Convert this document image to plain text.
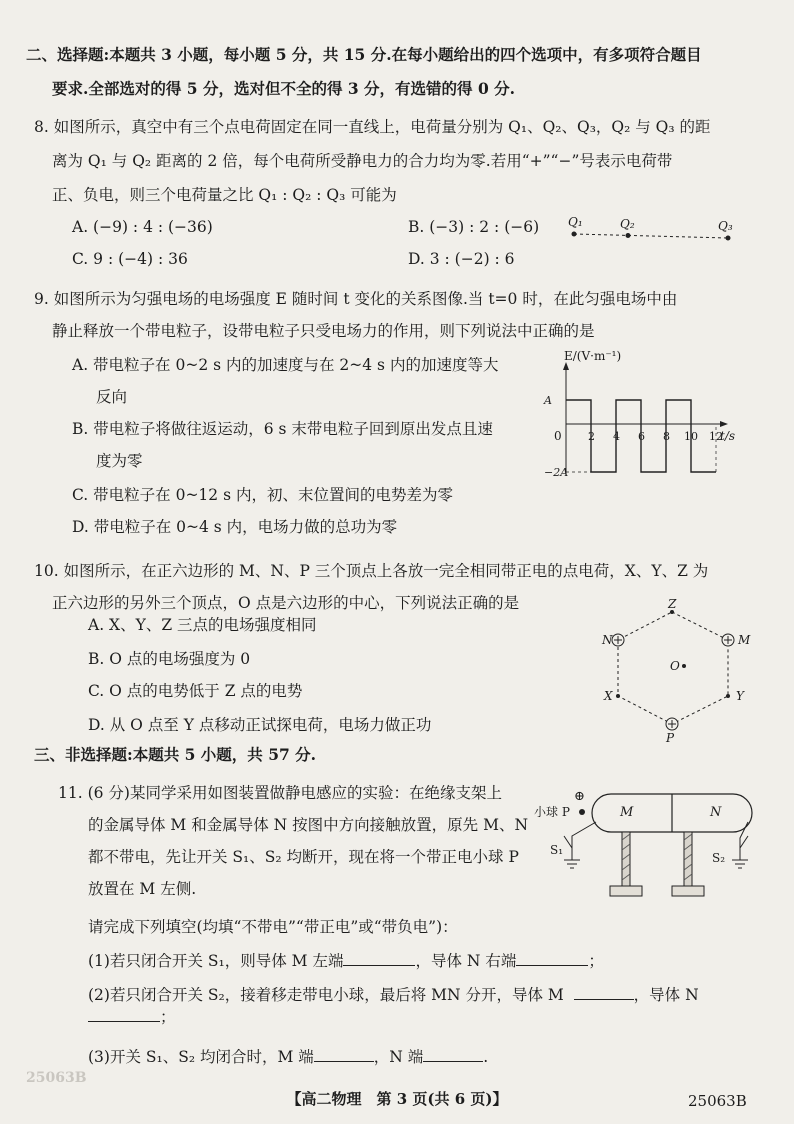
二、选择题:本题共 3 小题，每小题 5 分，共 15 分.在每小题给出的四个选项中，有多项符合题目
要求.全部选对的得 5 分，选对但不全的得 3 分，有选错的得 0 分.
8. 如图所示，真空中有三个点电荷固定在同一直线上，电荷量分别为 Q₁、Q₂、Q₃，Q₂ 与 Q₃ 的距
离为 Q₁ 与 Q₂ 距离的 2 倍，每个电荷所受静电力的合力均为零.若用“+”“−”号表示电荷带
正、负电，则三个电荷量之比 Q₁ : Q₂ : Q₃ 可能为
A. (−9) : 4 : (−36)	B. (−3) : 2 : (−6)
C. 9 : (−4) : 36	D. 3 : (−2) : 6
Q₁	Q₂	Q₃
9. 如图所示为匀强电场的电场强度 E 随时间 t 变化的关系图像.当 t=0 时，在此匀强电场中由
静止释放一个带电粒子，设带电粒子只受电场力的作用，则下列说法中正确的是
A. 带电粒子在 0~2 s 内的加速度与在 2~4 s 内的加速度等大
反向
B. 带电粒子将做往返运动，6 s 末带电粒子回到原出发点且速
度为零
C. 带电粒子在 0~12 s 内，初、末位置间的电势差为零
D. 带电粒子在 0~4 s 内，电场力做的总功为零
E/(V·m⁻¹)
t/s
0 2 4 6 8 10 12
A
−2A
10. 如图所示，在正六边形的 M、N、P 三个顶点上各放一完全相同带正电的点电荷，X、Y、Z 为
正六边形的另外三个顶点，O 点是六边形的中心，下列说法正确的是
A. X、Y、Z 三点的电场强度相同
B. O 点的电场强度为 0
C. O 点的电势低于 Z 点的电势
D. 从 O 点至 Y 点移动正试探电荷，电场力做正功
Z
M
N
O
X	Y
P
三、非选择题:本题共 5 小题，共 57 分.
11. (6 分)某同学采用如图装置做静电感应的实验：在绝缘支架上
的金属导体 M 和金属导体 N 按图中方向接触放置，原先 M、N
都不带电，先让开关 S₁、S₂ 均断开，现在将一个带正电小球 P
放置在 M 左侧.
请完成下列填空(均填“不带电”“带正电”或“带负电”)：
(1)若只闭合开关 S₁，则导体 M 左端	，导体 N 右端	；
(2)若只闭合开关 S₂，接着移走带电小球，最后将 MN 分开，导体 M	，导体 N
；
(3)开关 S₁、S₂ 均闭合时，M 端	，N 端	.
⊕
小球 P	M	N
S₁
S₂
25063B
【高二物理　第 3 页(共 6 页)】	25063B
